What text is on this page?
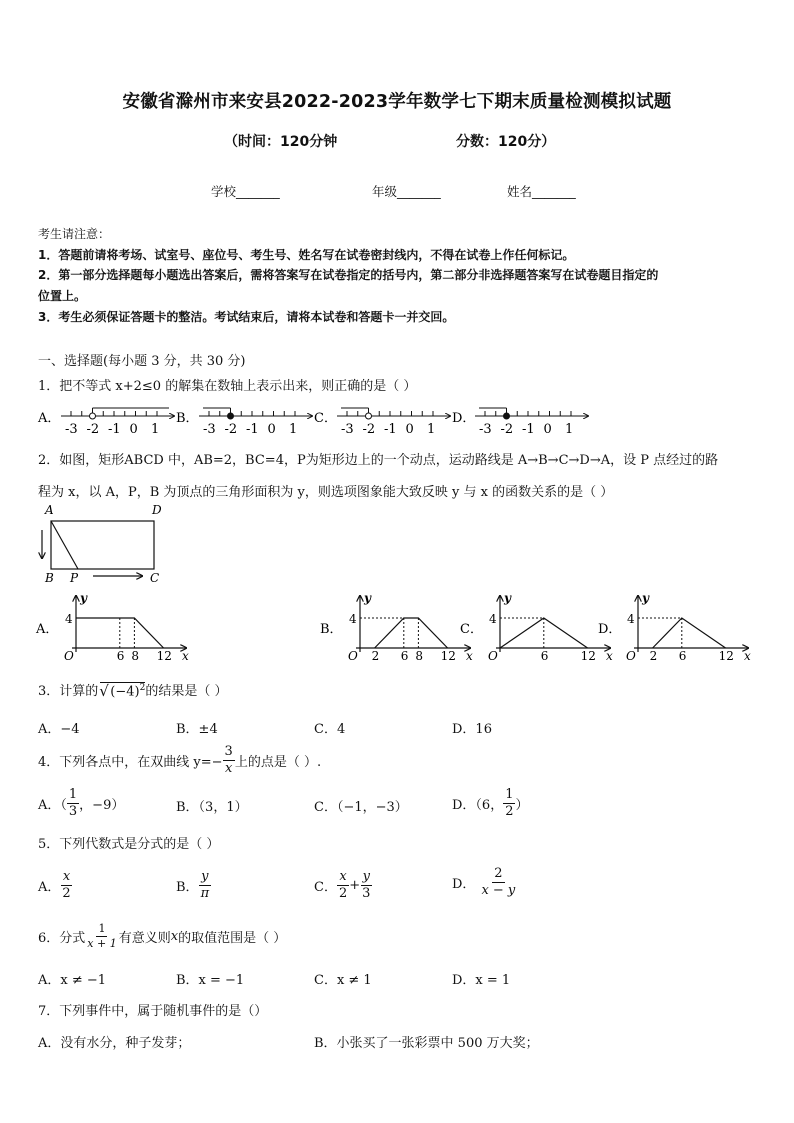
安徽省滁州市来安县2022-2023学年数学七下期末质量检测模拟试题
（时间：120分钟	分数：120分）
学校_______	年级_______	姓名_______
考生请注意：
1．答题前请将考场、试室号、座位号、考生号、姓名写在试卷密封线内，不得在试卷上作任何标记。
2．第一部分选择题每小题选出答案后，需将答案写在试卷指定的括号内，第二部分非选择题答案写在试卷题目指定的
位置上。
3．考生必须保证答题卡的整洁。考试结束后，请将本试卷和答题卡一并交回。
一、选择题(每小题 3 分，共 30 分)
1．把不等式 x+2≤0 的解集在数轴上表示出来，则正确的是（ ）
A．
-3 -2 -1 0 1
B．
-3 -2 -1 0 1
C．
-3 -2 -1 0 1
D．
-3 -2 -1 0 1
2．如图，矩形ABCD 中，AB=2，BC=4，P为矩形边上的一个动点，运动路线是 A→B→C→D→A，设 P 点经过的路
程为 x，以 A，P，B 为顶点的三角形面积为 y，则选项图象能大致反映 y 与 x 的函数关系的是（ ）
A	D
B P	C
A．
y
x
O
4
6 8 12
B．
y
x
O
4
2 6 8 12
C．
y
x
O
4
6	12
D．
y
x
O
4
2 6	12
3．计算的 √ $(-4)^2$的结果是（ ）
A．−4	B．±4	C．4	D．16
4．下列各点中，在双曲线 $y=- \frac{3}{x}$ 上的点是（ ）.
A．（ $\frac{1}{3}$ ，−9）	B．（3，1）	C．（−1，−3）	D．（6， $\frac{1}{2}$ ）
5．下列代数式是分式的是（ ）
A． $\frac{x}{2}$	B． $\frac{y}{\pi}$	C． $\frac{x}{2} + \frac{y}{3}$	D． $\frac{2}{x - y}$
6．分式 $\frac{1}{x + 1}$ 有意义则 x 的取值范围是（ ）
A．x ≠ −1	B．x = −1	C．x ≠ 1	D．x = 1
7．下列事件中，属于随机事件的是（）
A．没有水分，种子发芽；	B．小张买了一张彩票中 500 万大奖；
